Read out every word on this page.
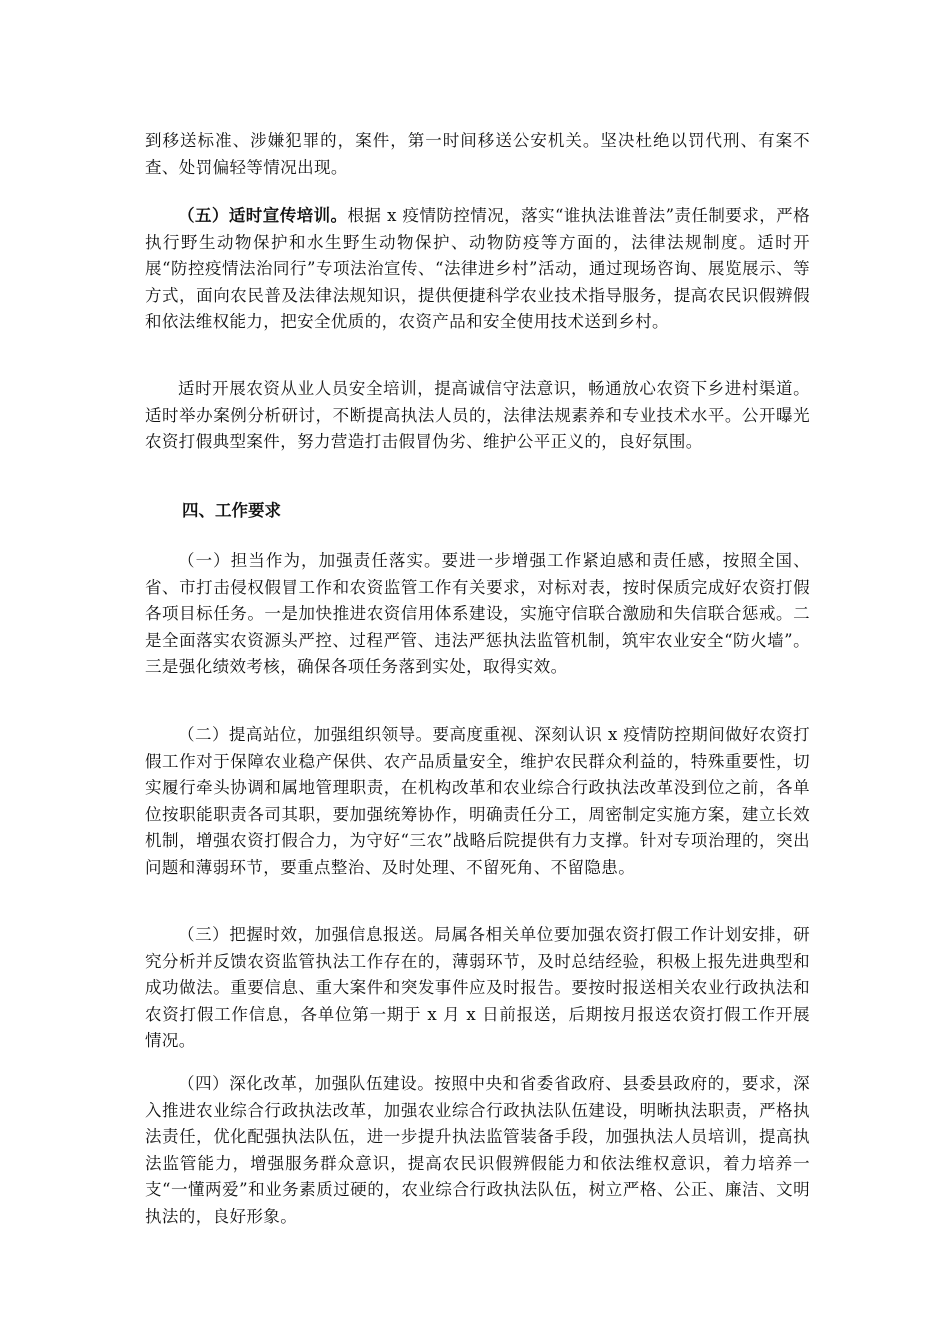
到移送标准、涉嫌犯罪的，案件，第一时间移送公安机关。坚决杜绝以罚代刑、有案不查、处罚偏轻等情况出现。

（五）适时宣传培训。根据 x 疫情防控情况，落实“谁执法谁普法”责任制要求，严格执行野生动物保护和水生野生动物保护、动物防疫等方面的，法律法规制度。适时开展“防控疫情法治同行”专项法治宣传、“法律进乡村”活动，通过现场咨询、展览展示、等方式，面向农民普及法律法规知识，提供便捷科学农业技术指导服务，提高农民识假辨假和依法维权能力，把安全优质的，农资产品和安全使用技术送到乡村。

适时开展农资从业人员安全培训，提高诚信守法意识，畅通放心农资下乡进村渠道。适时举办案例分析研讨，不断提高执法人员的，法律法规素养和专业技术水平。公开曝光农资打假典型案件，努力营造打击假冒伪劣、维护公平正义的，良好氛围。

四、工作要求

（一）担当作为，加强责任落实。要进一步增强工作紧迫感和责任感，按照全国、省、市打击侵权假冒工作和农资监管工作有关要求，对标对表，按时保质完成好农资打假各项目标任务。一是加快推进农资信用体系建设，实施守信联合激励和失信联合惩戒。二是全面落实农资源头严控、过程严管、违法严惩执法监管机制，筑牢农业安全“防火墙”。三是强化绩效考核，确保各项任务落到实处，取得实效。

（二）提高站位，加强组织领导。要高度重视、深刻认识 x 疫情防控期间做好农资打假工作对于保障农业稳产保供、农产品质量安全，维护农民群众利益的，特殊重要性，切实履行牵头协调和属地管理职责，在机构改革和农业综合行政执法改革没到位之前，各单位按职能职责各司其职，要加强统筹协作，明确责任分工，周密制定实施方案，建立长效机制，增强农资打假合力，为守好“三农”战略后院提供有力支撑。针对专项治理的，突出问题和薄弱环节，要重点整治、及时处理、不留死角、不留隐患。

（三）把握时效，加强信息报送。局属各相关单位要加强农资打假工作计划安排，研究分析并反馈农资监管执法工作存在的，薄弱环节，及时总结经验，积极上报先进典型和成功做法。重要信息、重大案件和突发事件应及时报告。要按时报送相关农业行政执法和农资打假工作信息，各单位第一期于 x 月 x 日前报送，后期按月报送农资打假工作开展情况。

（四）深化改革，加强队伍建设。按照中央和省委省政府、县委县政府的，要求，深入推进农业综合行政执法改革，加强农业综合行政执法队伍建设，明晰执法职责，严格执法责任，优化配强执法队伍，进一步提升执法监管装备手段，加强执法人员培训，提高执法监管能力，增强服务群众意识，提高农民识假辨假能力和依法维权意识，着力培养一支“一懂两爱”和业务素质过硬的，农业综合行政执法队伍，树立严格、公正、廉洁、文明执法的，良好形象。
